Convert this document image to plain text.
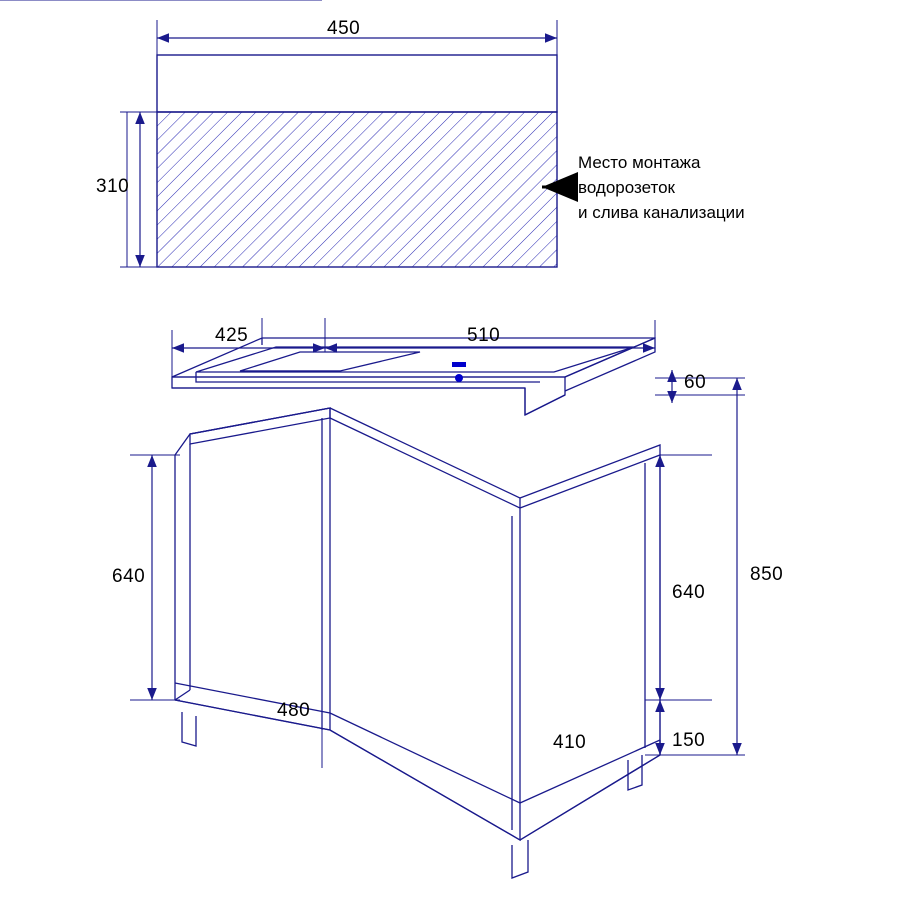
310
450
Место монтажа
водорозеток
и слива канализации
425	510
60
640
640
850
480
410	150
